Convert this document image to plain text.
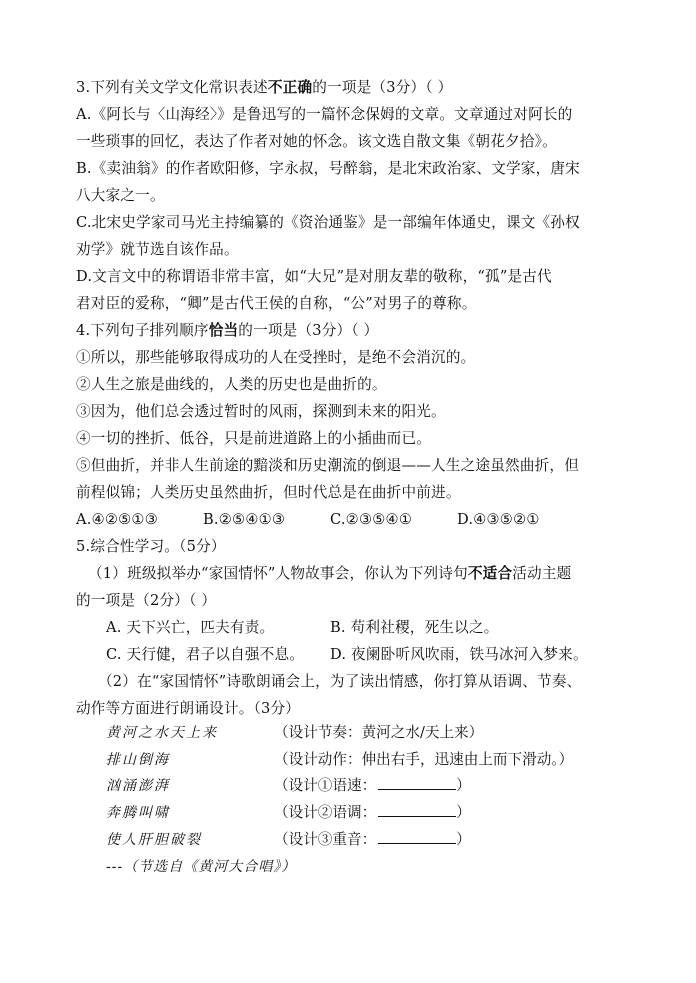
3.下列有关文学文化常识表述不正确的一项是（3分）（ ）
A.《阿长与〈山海经〉》是鲁迅写的一篇怀念保姆的文章。文章通过对阿长的
一些琐事的回忆，表达了作者对她的怀念。该文选自散文集《朝花夕拾》。
B.《卖油翁》的作者欧阳修，字永叔，号醉翁，是北宋政治家、文学家，唐宋
八大家之一。
C.北宋史学家司马光主持编纂的《资治通鉴》是一部编年体通史，课文《孙权
劝学》就节选自该作品。
D.文言文中的称谓语非常丰富，如“大兄”是对朋友辈的敬称，“孤”是古代
君对臣的爱称，“卿”是古代王侯的自称，“公”对男子的尊称。
4.下列句子排列顺序恰当的一项是（3分）（ ）
①所以，那些能够取得成功的人在受挫时，是绝不会消沉的。
②人生之旅是曲线的，人类的历史也是曲折的。
③因为，他们总会透过暂时的风雨，探测到未来的阳光。
④一切的挫折、低谷，只是前进道路上的小插曲而已。
⑤但曲折，并非人生前途的黯淡和历史潮流的倒退——人生之途虽然曲折，但
前程似锦；人类历史虽然曲折，但时代总是在曲折中前进。
A.④②⑤①③	B.②⑤④①③	C.②③⑤④①	D.④③⑤②①
5.综合性学习。（5分）
（1）班级拟举办“家国情怀”人物故事会，你认为下列诗句不适合活动主题
的一项是（2分）（ ）
A. 天下兴亡，匹夫有责。	B. 苟利社稷，死生以之。
C. 天行健，君子以自强不息。 D. 夜阑卧听风吹雨，铁马冰河入梦来。
（2）在“家国情怀”诗歌朗诵会上，为了读出情感，你打算从语调、节奏、
动作等方面进行朗诵设计。（3分）
黄河之水天上来	（设计节奏：黄河之水/天上来）
排山倒海	（设计动作：伸出右手，迅速由上而下滑动。）
汹涌澎湃	（设计①语速：	）
奔腾叫啸	（设计②语调：	）
使人肝胆破裂	（设计③重音：	）
---（节选自《黄河大合唱》）
